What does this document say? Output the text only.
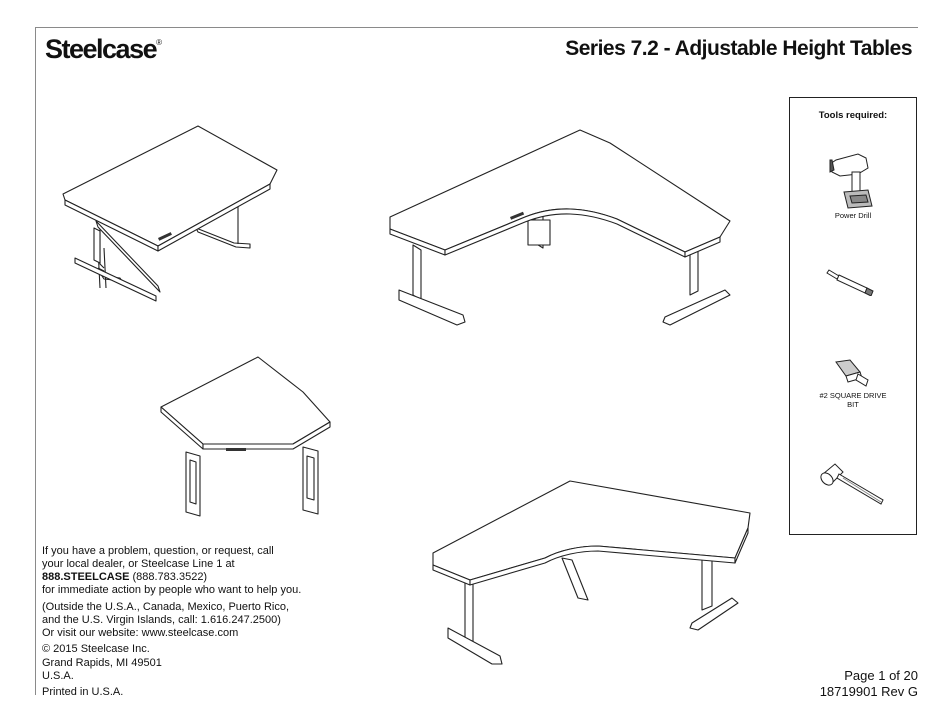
Steelcase®	Series 7.2 - Adjustable Height Tables
Tools required:
Power Drill
#2 SQUARE DRIVE BIT
If you have a problem, question, or request, call
your local dealer, or Steelcase Line 1 at
888.STEELCASE (888.783.3522)
for immediate action by people who want to help you.
(Outside the U.S.A., Canada, Mexico, Puerto Rico,
and the U.S. Virgin Islands, call: 1.616.247.2500)
Or visit our website: www.steelcase.com
© 2015 Steelcase Inc.
Grand Rapids, MI 49501
U.S.A.
Printed in U.S.A.
Page 1 of 20
18719901 Rev G
